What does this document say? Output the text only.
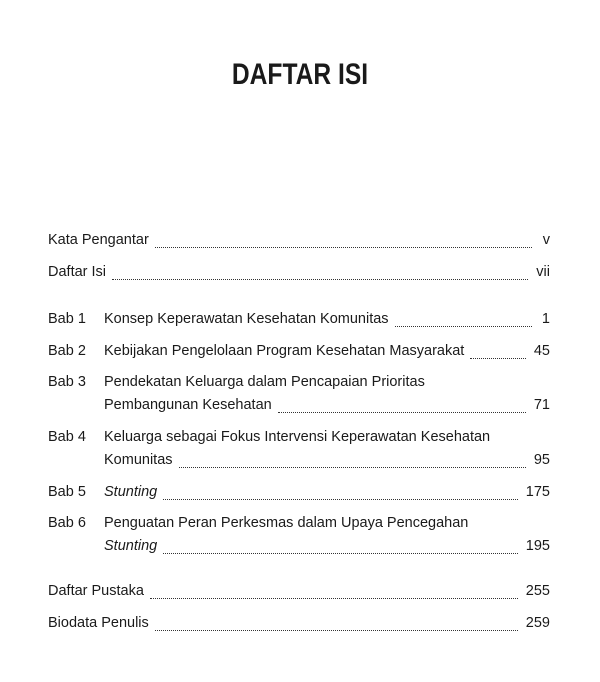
DAFTAR ISI
Kata Pengantar	v
Daftar Isi	vii
Bab 1	Konsep Keperawatan Kesehatan Komunitas	1
Bab 2	Kebijakan Pengelolaan Program Kesehatan Masyarakat	45
Bab 3 Pendekatan Keluarga dalam Pencapaian Prioritas
Pembangunan Kesehatan	71
Bab 4 Keluarga sebagai Fokus Intervensi Keperawatan Kesehatan
Komunitas	95
Bab 5	Stunting	175
Bab 6 Penguatan Peran Perkesmas dalam Upaya Pencegahan
Stunting	195
Daftar Pustaka	255
Biodata Penulis	259
